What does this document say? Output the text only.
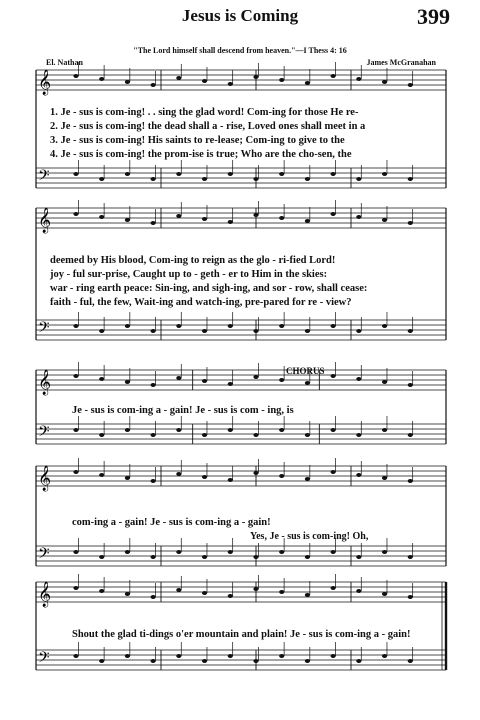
Jesus is Coming	399
"The Lord himself shall descend from heaven."—I Thess 4: 16
El. Nathan	James McGranahan
𝄞
𝄢
𝄞
𝄢
𝄞
𝄢
𝄞
𝄢
𝄞
𝄢
1. Je - sus is com-ing! . . sing the glad word! Com-ing for those He re-
2. Je - sus is com-ing! the dead shall a - rise, Loved ones shall meet in a
3. Je - sus is com-ing! His saints to re-lease; Com-ing to give to the
4. Je - sus is com-ing! the prom-ise is true; Who are the cho-sen, the
deemed by His blood, Com-ing to reign as the glo - ri-fied Lord!
joy - ful sur-prise, Caught up to - geth - er to Him in the skies:
war - ring earth peace: Sin-ing, and sigh-ing, and sor - row, shall cease:
faith - ful, the few, Wait-ing and watch-ing, pre-pared for re - view?
CHORUS
Je - sus is com-ing a - gain! Je - sus is com - ing, is
com-ing a - gain! Je - sus is com-ing a - gain!
Yes, Je - sus is com-ing! Oh,
Shout the glad ti-dings o'er mountain and plain! Je - sus is com-ing a - gain!
